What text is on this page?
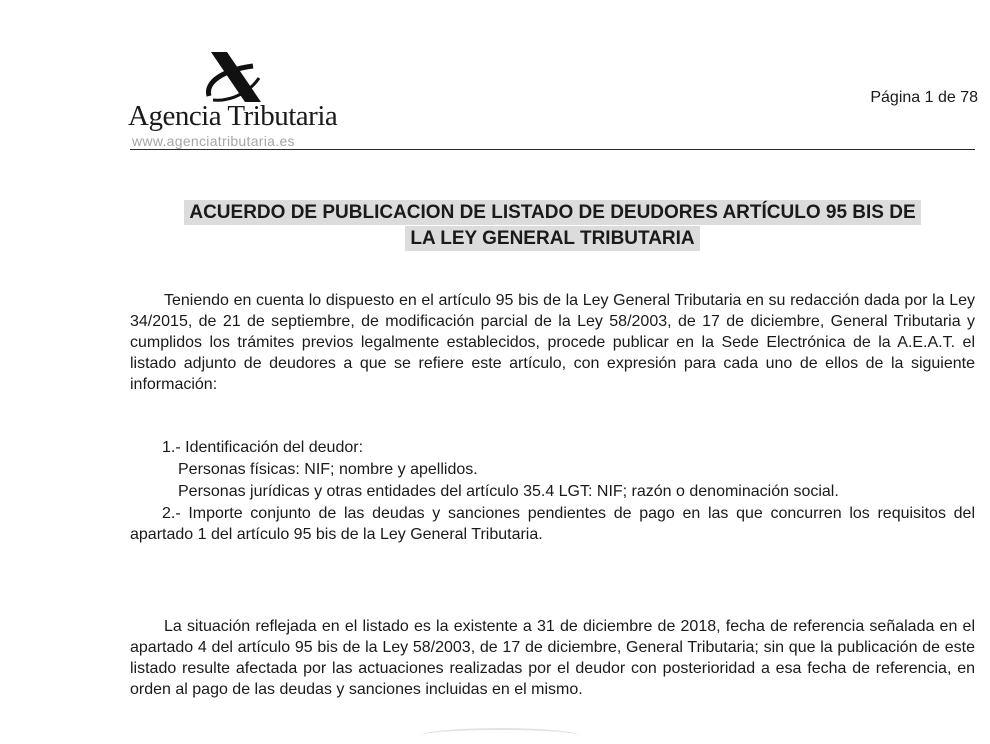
Agencia Tributaria
www.agenciatributaria.es
Página 1 de 78
ACUERDO DE PUBLICACION DE LISTADO DE DEUDORES ARTÍCULO 95 BIS DE
LA LEY GENERAL TRIBUTARIA

Teniendo en cuenta lo dispuesto en el artículo 95 bis de la Ley General Tributaria en su redacción dada por la Ley 34/2015, de 21 de septiembre, de modificación parcial de la Ley 58/2003, de 17 de diciembre, General Tributaria y cumplidos los trámites previos legalmente establecidos, procede publicar en la Sede Electrónica de la A.E.A.T. el listado adjunto de deudores a que se refiere este artículo, con expresión para cada uno de ellos de la siguiente información:

1.- Identificación del deudor:

Personas físicas: NIF; nombre y apellidos.

Personas jurídicas y otras entidades del artículo 35.4 LGT: NIF; razón o denominación social.

2.- Importe conjunto de las deudas y sanciones pendientes de pago en las que concurren los requisitos del apartado 1 del artículo 95 bis de la Ley General Tributaria.

La situación reflejada en el listado es la existente a 31 de diciembre de 2018, fecha de referencia señalada en el apartado 4 del artículo 95 bis de la Ley 58/2003, de 17 de diciembre, General Tributaria; sin que la publicación de este listado resulte afectada por las actuaciones realizadas por el deudor con posterioridad a esa fecha de referencia, en orden al pago de las deudas y sanciones incluidas en el mismo.
